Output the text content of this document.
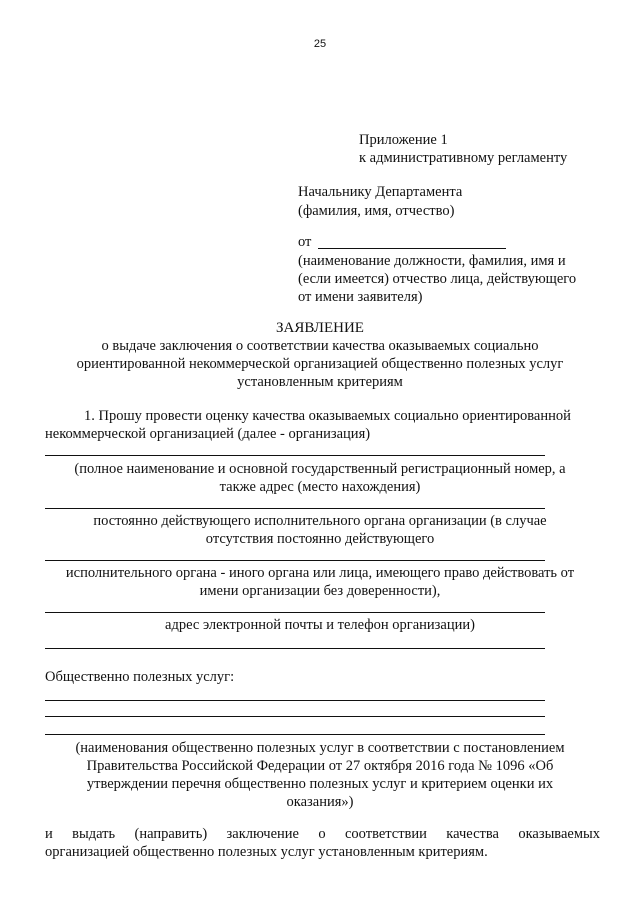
25
Приложение 1
к административному регламенту
Начальнику Департамента
(фамилия, имя, отчество)
от
(наименование должности, фамилия, имя и
(если имеется) отчество лица, действующего
от имени заявителя)
ЗАЯВЛЕНИЕ
о выдаче заключения о соответствии качества оказываемых социально
ориентированной некоммерческой организацией общественно полезных услуг
установленным критериям
1. Прошу провести оценку качества оказываемых социально ориентированной
некоммерческой организацией (далее - организация)
(полное наименование и основной государственный регистрационный номер, а
также адрес (место нахождения)
постоянно действующего исполнительного органа организации (в случае
отсутствия постоянно действующего
исполнительного органа - иного органа или лица, имеющего право действовать от
имени организации без доверенности),
адрес электронной почты и телефон организации)
Общественно полезных услуг:
(наименования общественно полезных услуг в соответствии с постановлением
Правительства Российской Федерации от 27 октября 2016 года № 1096 «Об
утверждении перечня общественно полезных услуг и критерием оценки их
оказания»)
и выдать (направить) заключение о соответствии качества оказываемых
организацией общественно полезных услуг установленным критериям.
